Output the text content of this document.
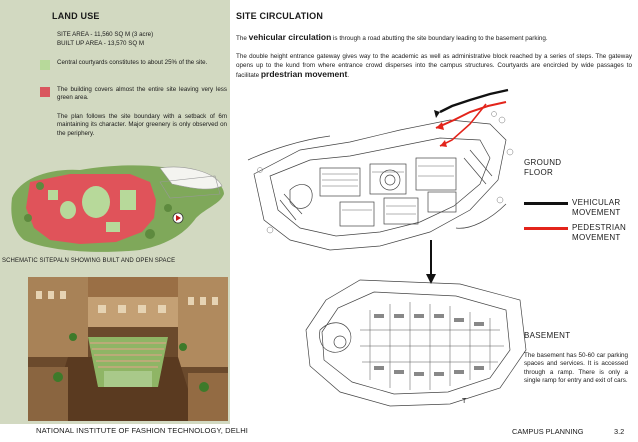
LAND USE
SITE AREA - 11,560 SQ M (3 acre)
BUILT UP AREA - 13,570 SQ M
Central courtyards constitutes to about 25% of the site.
The building covers almost the entire site leaving very less green area.
The plan follows the site boundary with a setback of 6m maintaining its character. Major greenery is only observed on the periphery.
SCHEMATIC SITEPALN SHOWING BUILT AND OPEN SPACE
SITE CIRCULATION
The vehicular circulation is through a road abutting the site boundary leading to the basement parking.
The double height entrance gateway gives way to the academic as well as administrative block reached by a series of steps. The gateway opens up to the kund from where entrance crowd disperses into the campus structures. Courtyards are encircled by wide passages to facilitate prdestrian movement.
GROUND
FLOOR
VEHICULAR
MOVEMENT
PEDESTRIAN
MOVEMENT
BASEMENT
The basement has 50-60 car parking spaces and services. It is accessed through a ramp. There is only a single ramp for entry and exit of cars.
T
NATIONAL INSTITUTE OF FASHION TECHNOLOGY, DELHI	CAMPUS PLANNING	3.2
